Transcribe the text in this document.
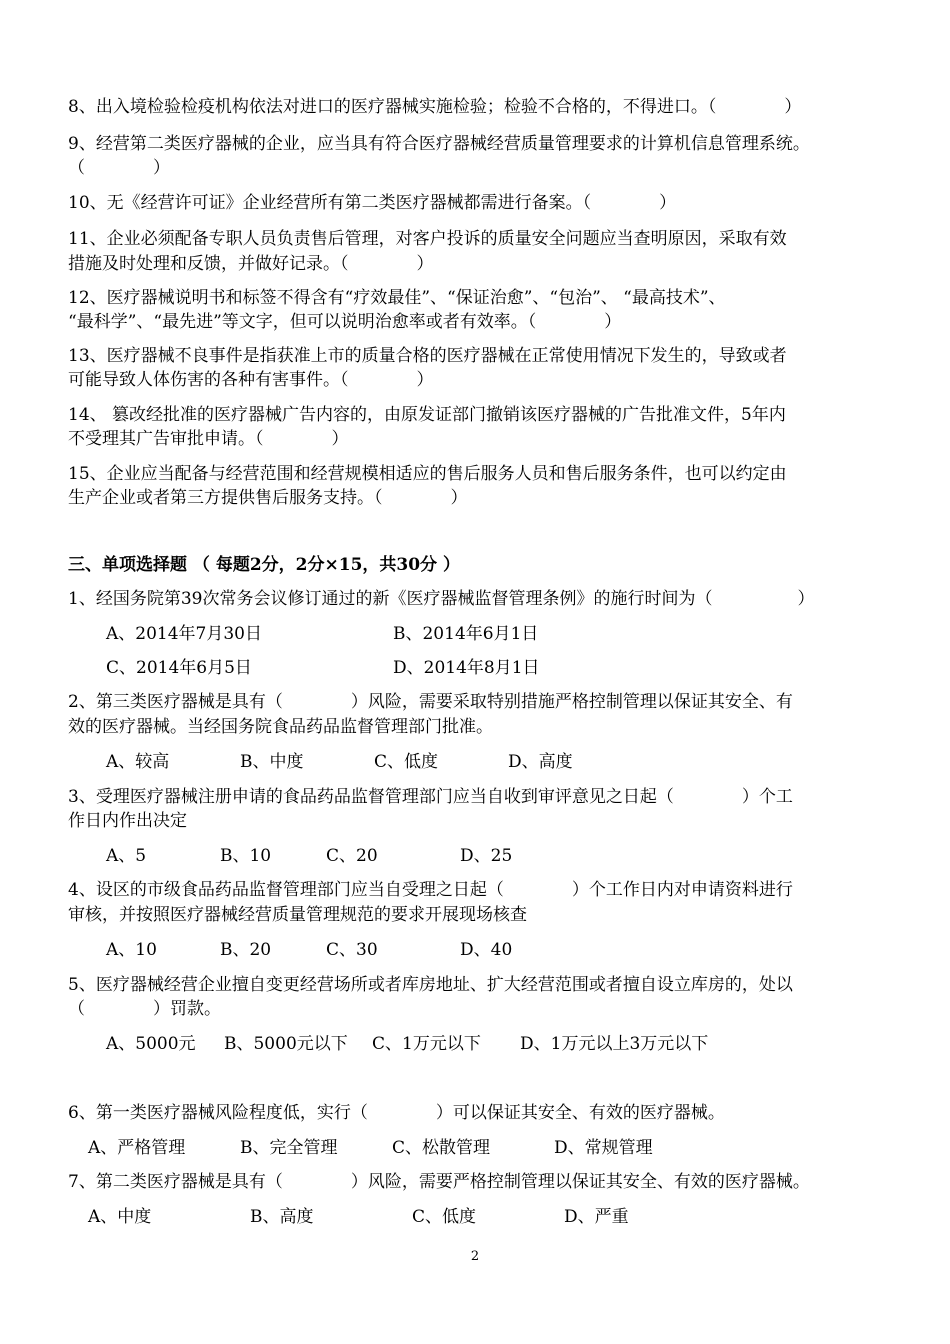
8、出入境检验检疫机构依法对进口的医疗器械实施检验；检验不合格的，不得进口。（　　　　）
9、经营第二类医疗器械的企业，应当具有符合医疗器械经营质量管理要求的计算机信息管理系统。
（　　　　）
10、无《经营许可证》企业经营所有第二类医疗器械都需进行备案。（　　　　）
11、企业必须配备专职人员负责售后管理，对客户投诉的质量安全问题应当查明原因，采取有效
措施及时处理和反馈，并做好记录。（　　　　）
12、医疗器械说明书和标签不得含有“疗效最佳”、“保证治愈”、“包治”、 “最高技术”、
“最科学”、“最先进”等文字，但可以说明治愈率或者有效率。（　　　　）
13、医疗器械不良事件是指获准上市的质量合格的医疗器械在正常使用情况下发生的，导致或者
可能导致人体伤害的各种有害事件。（　　　　）
14、 篡改经批准的医疗器械广告内容的，由原发证部门撤销该医疗器械的广告批准文件，5年内
不受理其广告审批申请。（　　　　）
15、企业应当配备与经营范围和经营规模相适应的售后服务人员和售后服务条件，也可以约定由
生产企业或者第三方提供售后服务支持。（　　　　）
三、单项选择题 （ 每题2分，2分×15，共30分 ）
1、经国务院第39次常务会议修订通过的新《医疗器械监督管理条例》的施行时间为（　　　　　）
A、2014年7月30日	B、2014年6月1日
C、2014年6月5日	D、2014年8月1日
2、第三类医疗器械是具有（　　　　）风险，需要采取特别措施严格控制管理以保证其安全、有
效的医疗器械。当经国务院食品药品监督管理部门批准。
A、较高	B、中度	C、低度	D、高度
3、受理医疗器械注册申请的食品药品监督管理部门应当自收到审评意见之日起（　　　　）个工
作日内作出决定
A、5	B、10	C、20	D、25
4、设区的市级食品药品监督管理部门应当自受理之日起（　　　　）个工作日内对申请资料进行
审核，并按照医疗器械经营质量管理规范的要求开展现场核查
A、10	B、20	C、30	D、40
5、医疗器械经营企业擅自变更经营场所或者库房地址、扩大经营范围或者擅自设立库房的，处以
（　　　　）罚款。
A、5000元 B、5000元以下 C、1万元以下 D、1万元以上3万元以下
6、第一类医疗器械风险程度低，实行（　　　　）可以保证其安全、有效的医疗器械。
A、严格管理	B、完全管理	C、松散管理	D、常规管理
7、第二类医疗器械是具有（　　　　）风险，需要严格控制管理以保证其安全、有效的医疗器械。
A、中度	B、高度	C、低度	D、严重
2
